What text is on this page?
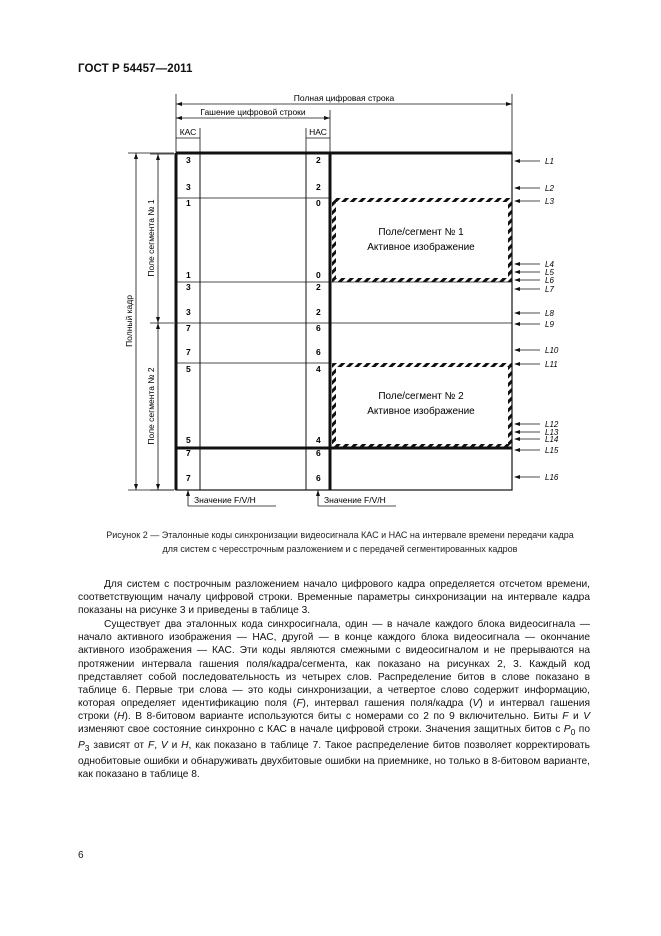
ГОСТ Р 54457—2011
Полная цифровая строка
Гашение цифровой строки
КАС	НАС
Полный кадр
Поле сегмента № 1
Поле сегмента № 2
Поле/сегмент № 1
Активное изображение
Поле/сегмент № 2
Активное изображение
3	2
3	2
1	0
1	0
3	2
3	2
7	6
7	6
5	4
5	4
7	6
7	6
L1
L2
L3
L4
L5
L6
L7
L8
L9
L10
L11
L12
L13
L14
L15
L16
Значение F/V/H	Значение F/V/H
Рисунок 2 — Эталонные коды синхронизации видеосигнала КАС и НАС на интервале времени передачи кадра
для систем с чересстрочным разложением и с передачей сегментированных кадров

Для систем с построчным разложением начало цифрового кадра определяется отсчетом времени, соответствующим началу цифровой строки. Временные параметры синхронизации на интервале кадра показаны на рисунке 3 и приведены в таблице 3.

Существует два эталонных кода синхросигнала, один — в начале каждого блока видеосигнала — начало активного изображения — НАС, другой — в конце каждого блока видеосигнала — окончание активного изображения — КАС. Эти коды являются смежными с видеосигналом и не прерываются на протяжении интервала гашения поля/кадра/сегмента, как показано на рисунках 2, 3. Каждый код представляет собой последовательность из четырех слов. Распределение битов в слове показано в таблице 6. Первые три слова — это коды синхронизации, а четвертое слово содержит информацию, которая определяет идентификацию поля (F), интервал гашения поля/кадра (V) и интервал гашения строки (H). В 8-битовом варианте используются биты с номерами со 2 по 9 включительно. Биты F и V изменяют свое состояние синхронно с КАС в начале цифровой строки. Значения защитных битов с $P_0$ по $P_3$ зависят от F, V и H, как показано в таблице 7. Такое распределение битов позволяет корректировать однобитовые ошибки и обнаруживать двухбитовые ошибки на приемнике, но только в 8-битовом варианте, как показано в таблице 8.

6
